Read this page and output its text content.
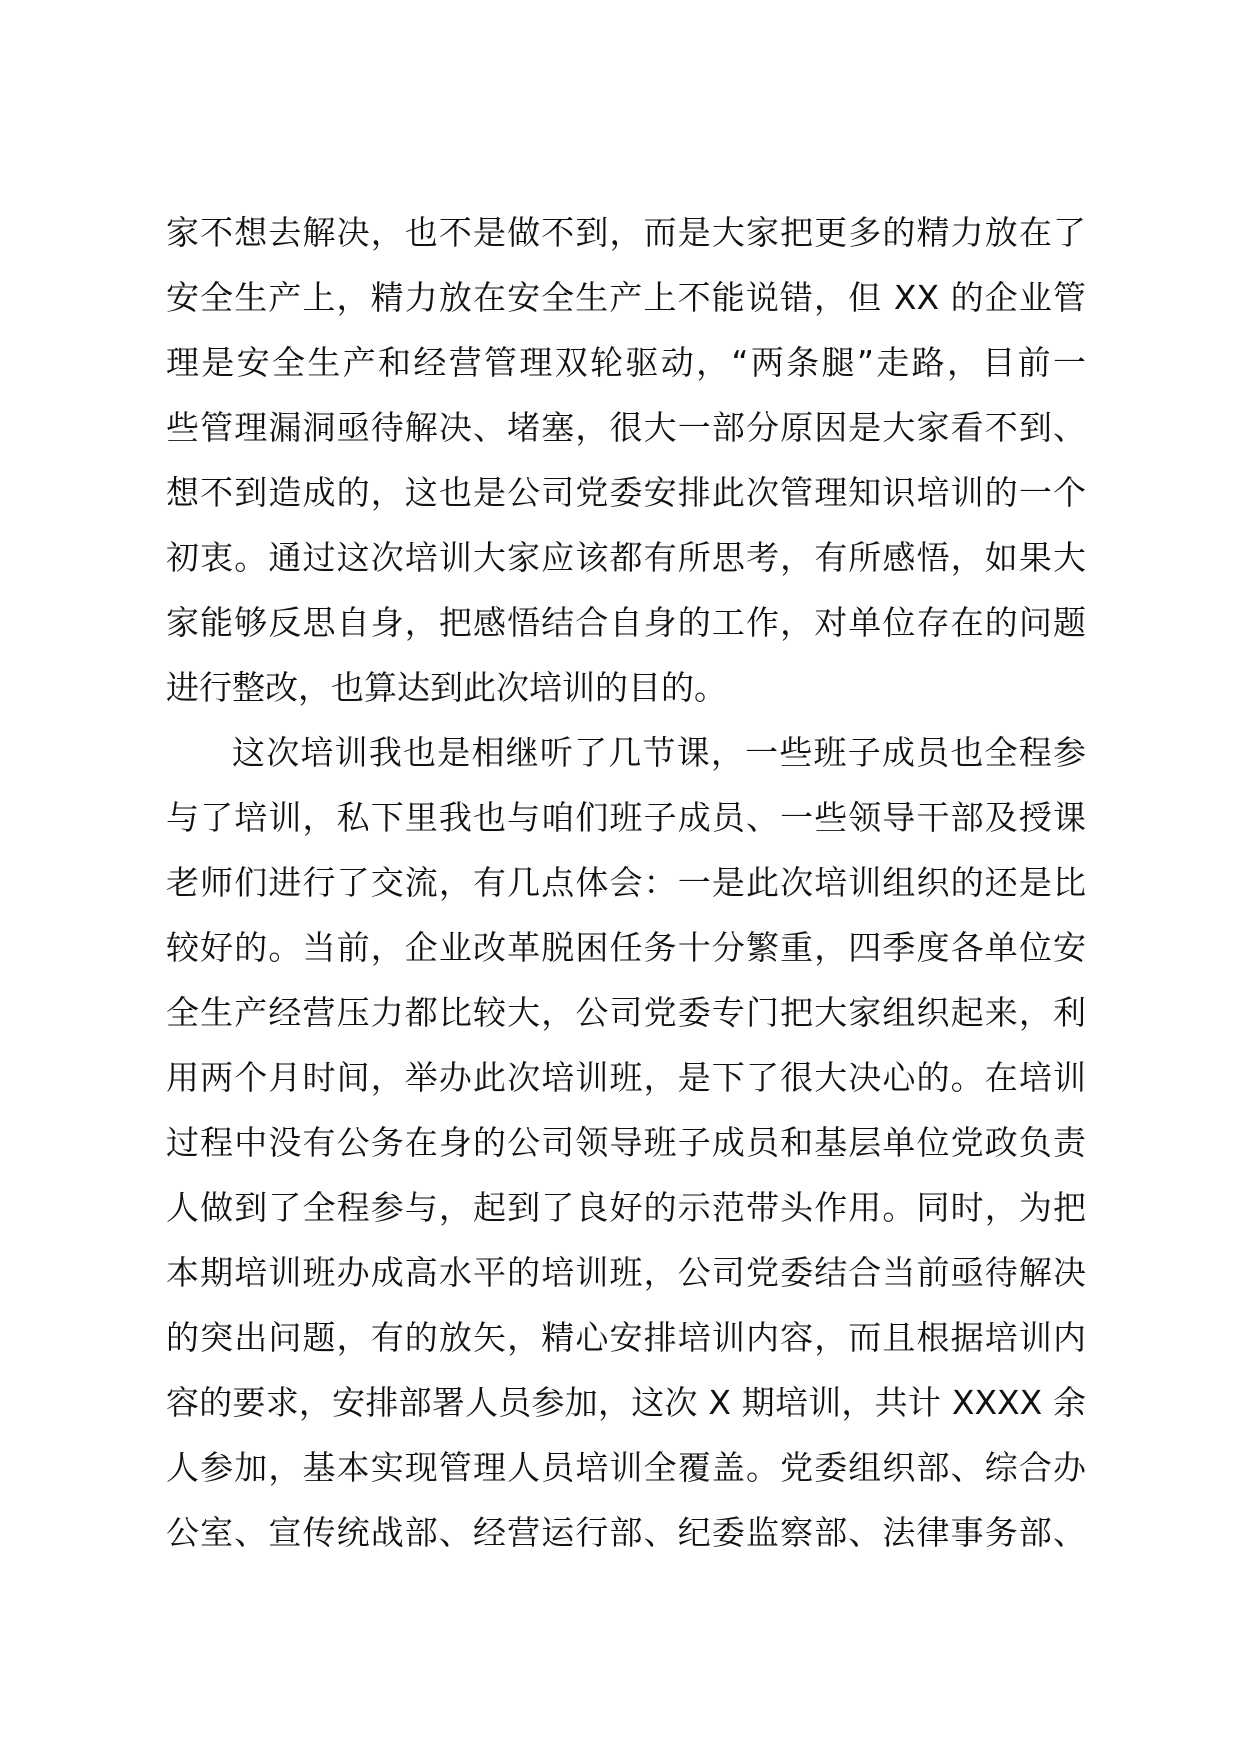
家不想去解决，也不是做不到，而是大家把更多的精力放在了
安全生产上，精力放在安全生产上不能说错，但 XX 的企业管
理是安全生产和经营管理双轮驱动，“两条腿”走路，目前一
些管理漏洞亟待解决、堵塞，很大一部分原因是大家看不到、
想不到造成的，这也是公司党委安排此次管理知识培训的一个
初衷。通过这次培训大家应该都有所思考，有所感悟，如果大
家能够反思自身，把感悟结合自身的工作，对单位存在的问题
进行整改，也算达到此次培训的目的。
这次培训我也是相继听了几节课，一些班子成员也全程参
与了培训，私下里我也与咱们班子成员、一些领导干部及授课
老师们进行了交流，有几点体会：一是此次培训组织的还是比
较好的。当前，企业改革脱困任务十分繁重，四季度各单位安
全生产经营压力都比较大，公司党委专门把大家组织起来，利
用两个月时间，举办此次培训班，是下了很大决心的。在培训
过程中没有公务在身的公司领导班子成员和基层单位党政负责
人做到了全程参与，起到了良好的示范带头作用。同时，为把
本期培训班办成高水平的培训班，公司党委结合当前亟待解决
的突出问题，有的放矢，精心安排培训内容，而且根据培训内
容的要求，安排部署人员参加，这次 X 期培训，共计 XXXX 余
人参加，基本实现管理人员培训全覆盖。党委组织部、综合办
公室、宣传统战部、经营运行部、纪委监察部、法律事务部、
